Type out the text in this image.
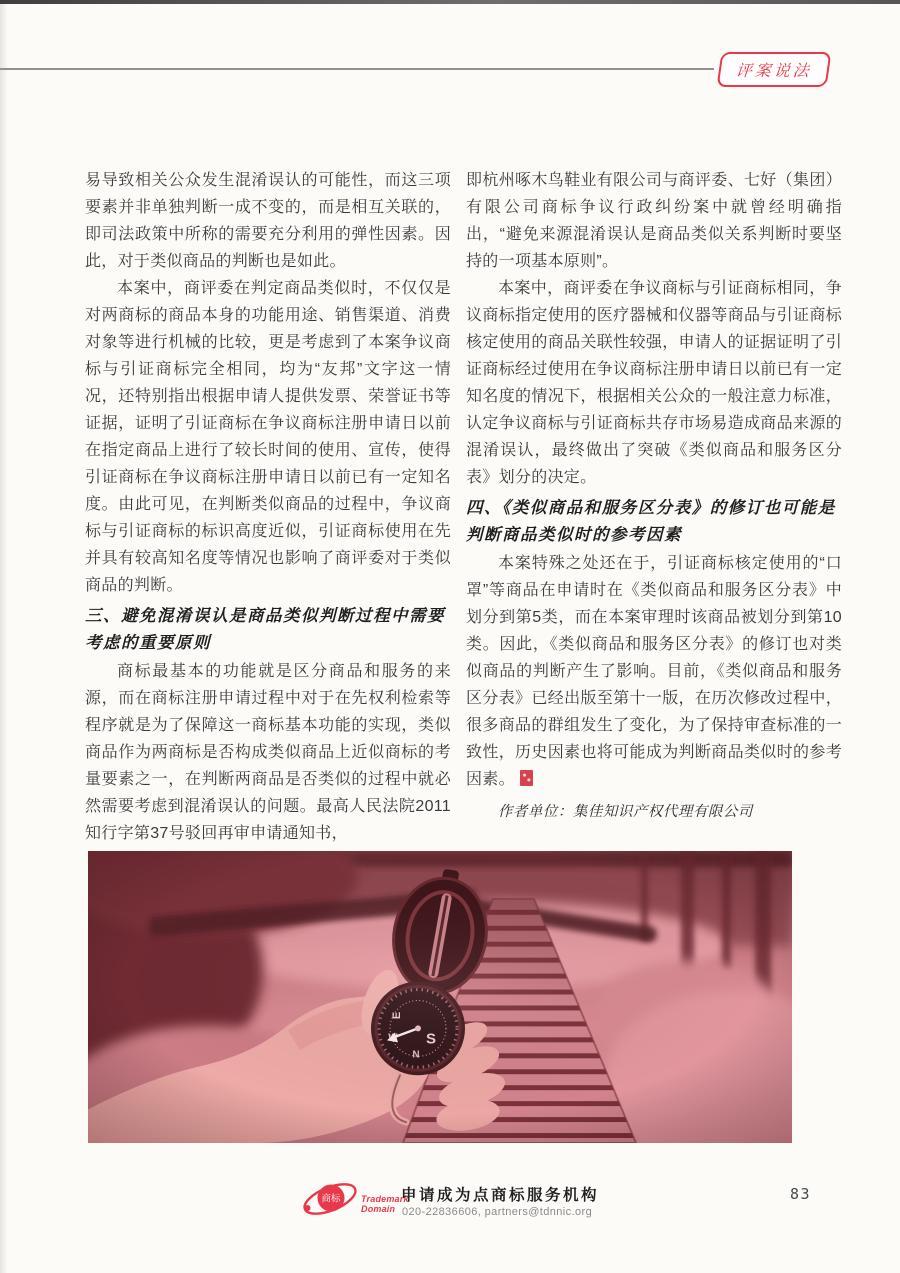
评案说法

易导致相关公众发生混淆误认的可能性，而这三项要素并非单独判断一成不变的，而是相互关联的，即司法政策中所称的需要充分利用的弹性因素。因此，对于类似商品的判断也是如此。

本案中，商评委在判定商品类似时，不仅仅是对两商标的商品本身的功能用途、销售渠道、消费对象等进行机械的比较，更是考虑到了本案争议商标与引证商标完全相同，均为“友邦”文字这一情况，还特别指出根据申请人提供发票、荣誉证书等证据，证明了引证商标在争议商标注册申请日以前在指定商品上进行了较长时间的使用、宣传，使得引证商标在争议商标注册申请日以前已有一定知名度。由此可见，在判断类似商品的过程中，争议商标与引证商标的标识高度近似，引证商标使用在先并具有较高知名度等情况也影响了商评委对于类似商品的判断。

三、避免混淆误认是商品类似判断过程中需要考虑的重要原则

商标最基本的功能就是区分商品和服务的来源，而在商标注册申请过程中对于在先权利检索等程序就是为了保障这一商标基本功能的实现，类似商品作为两商标是否构成类似商品上近似商标的考量要素之一，在判断两商品是否类似的过程中就必然需要考虑到混淆误认的问题。最高人民法院2011知行字第37号驳回再审申请通知书，

即杭州啄木鸟鞋业有限公司与商评委、七好（集团）有限公司商标争议行政纠纷案中就曾经明确指出，“避免来源混淆误认是商品类似关系判断时要坚持的一项基本原则”。

本案中，商评委在争议商标与引证商标相同，争议商标指定使用的医疗器械和仪器等商品与引证商标核定使用的商品关联性较强，申请人的证据证明了引证商标经过使用在争议商标注册申请日以前已有一定知名度的情况下，根据相关公众的一般注意力标准，认定争议商标与引证商标共存市场易造成商品来源的混淆误认，最终做出了突破《类似商品和服务区分表》划分的决定。

四、《类似商品和服务区分表》的修订也可能是判断商品类似时的参考因素

本案特殊之处还在于，引证商标核定使用的“口罩”等商品在申请时在《类似商品和服务区分表》中划分到第5类，而在本案审理时该商品被划分到第10类。因此，《类似商品和服务区分表》的修订也对类似商品的判断产生了影响。目前，《类似商品和服务区分表》已经出版至第十一版，在历次修改过程中，很多商品的群组发生了变化，为了保持审查标准的一致性，历史因素也将可能成为判断商品类似时的参考因素。

作者单位：集佳知识产权代理有限公司

商标 Trademark
Domain
申请成为点商标服务机构
020-22836606, partners@tdnnic.org
83
